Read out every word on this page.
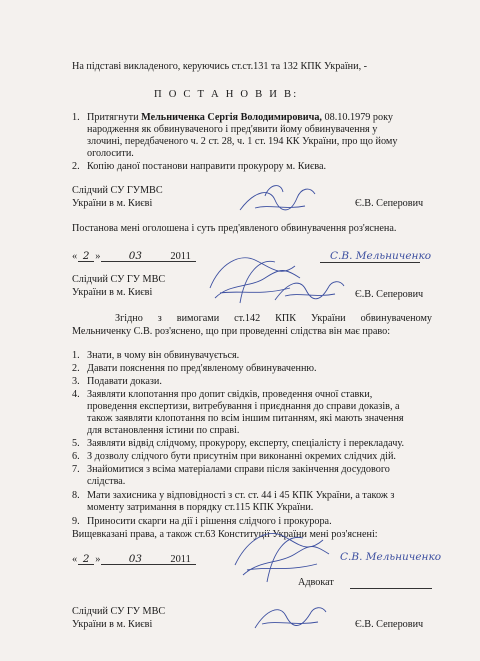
На підставі викладеного, керуючись ст.ст.131 та 132 КПК України, -
П О С Т А Н О В И В:
1. Притягнути Мельниченка Сергія Володимировича, 08.10.1979 року
народження як обвинуваченого і пред'явити йому обвинувачення у
злочині, передбаченого ч. 2 ст. 28, ч. 1 ст. 194 КК України, про що йому
оголосити.
2. Копію даної постанови направити прокурору м. Києва.
Слідчий СУ ГУМВС
України в м. Києві	Є.В. Сеперович
Постанова мені оголошена і суть пред'явленого обвинувачення роз'яснена.
« 2 »	03	2011	С.В. Мельниченко
Слідчий СУ ГУ МВС
України в м. Києві	Є.В. Сеперович
Згідно з вимогами ст.142 КПК України обвинуваченому
Мельниченку С.В. роз'яснено, що при проведенні слідства він має право:
1. Знати, в чому він обвинувачується.
2. Давати пояснення по пред'явленому обвинуваченню.
3. Подавати докази.
4. Заявляти клопотання про допит свідків, проведення очної ставки,
проведення експертизи, витребування і приєднання до справи доказів, а
також заявляти клопотання по всім іншим питанням, які мають значення
для встановлення істини по справі.
5. Заявляти відвід слідчому, прокурору, експерту, спеціалісту і перекладачу.
6. З дозволу слідчого бути присутнім при виконанні окремих слідчих дій.
7. Знайомитися з всіма матеріалами справи після закінчення досудового
слідства.
8. Мати захисника у відповідності з ст. ст. 44 і 45 КПК України, а також з
моменту затримання в порядку ст.115 КПК України.
9. Приносити скарги на дії і рішення слідчого і прокурора.
Вищевказані права, а також ст.63 Конституції України мені роз'яснені:
« 2 »	03	2011	С.В. Мельниченко
Адвокат
Слідчий СУ ГУ МВС
України в м. Києві	Є.В. Сеперович
